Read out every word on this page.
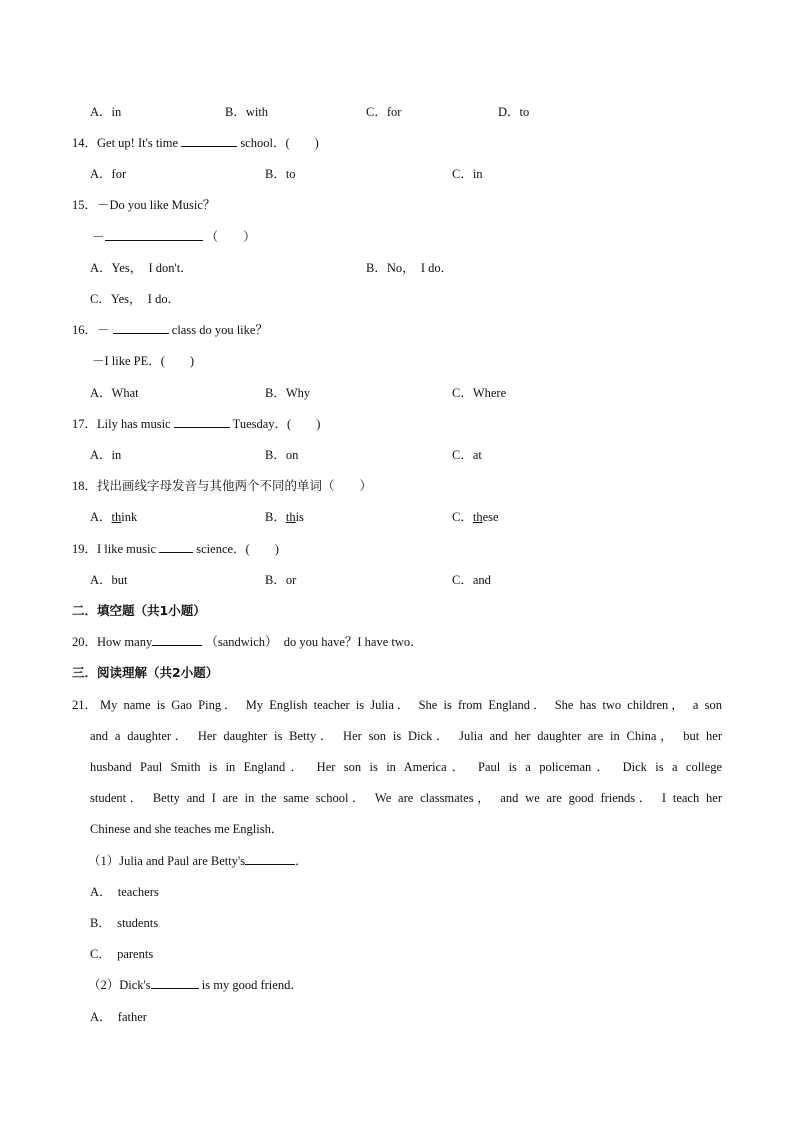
A．in	B．with	C．for	D．to
14．Get up! It's time	school．(　　)
A．for	B．to	C．in
15．－Do you like Music？
－	（　　）
A．Yes，  I don't．	B．No，  I do．
C．Yes，  I do．
16．－	class do you like？
－I like PE．(　　)
A．What	B．Why	C．Where
17．Lily has music	Tuesday．(　　)
A．in	B．on	C．at
18．找出画线字母发音与其他两个不同的单词（　　）
A．think	B．this	C．these
19．I like music	science．(　　)
A．but	B．or	C．and
二．填空题（共1小题）
20．How many	（sandwich）  do you have？I have two．
三．阅读理解（共2小题）
21． My name is Gao Ping． My English teacher is Julia． She is from England． She has two children， a son
and a daughter． Her daughter is Betty． Her son is Dick． Julia and her daughter are in China， but her
husband Paul Smith is in England． Her son is in America． Paul is a policeman． Dick is a college
student． Betty and I are in the same school． We are classmates， and we are good friends． I teach her
Chinese and she teaches me English．
（1）Julia and Paul are Betty's	．
A．  teachers
B．  students
C．  parents
（2）Dick's	is my good friend．
A．  father
